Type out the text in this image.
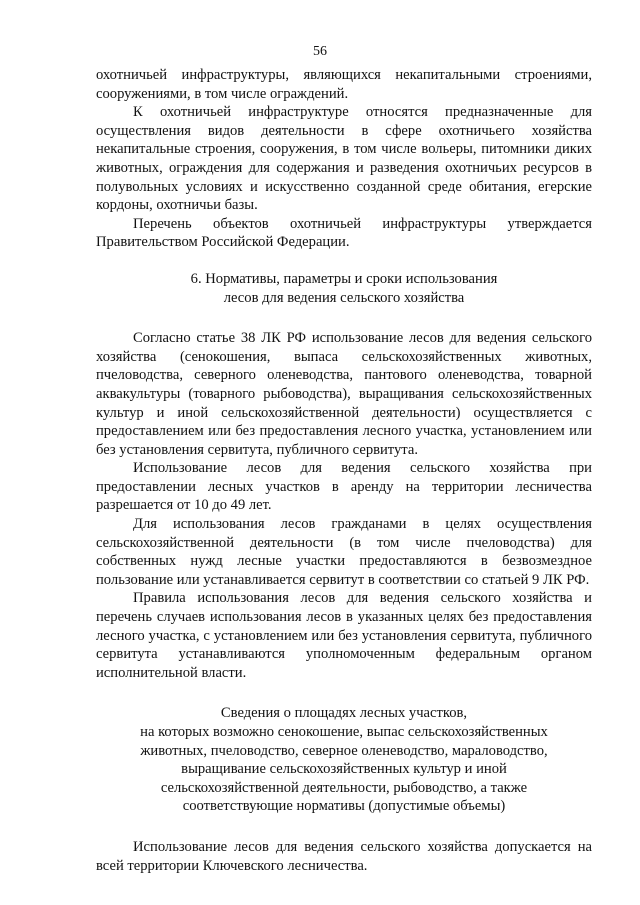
56

охотничьей инфраструктуры, являющихся некапитальными строениями, сооружениями, в том числе ограждений.

К охотничьей инфраструктуре относятся предназначенные для осуществления видов деятельности в сфере охотничьего хозяйства некапитальные строения, сооружения, в том числе вольеры, питомники диких животных, ограждения для содержания и разведения охотничьих ресурсов в полувольных условиях и искусственно созданной среде обитания, егерские кордоны, охотничьи базы.

Перечень объектов охотничьей инфраструктуры утверждается Правительством Российской Федерации.

6. Нормативы, параметры и сроки использования
лесов для ведения сельского хозяйства

Согласно статье 38 ЛК РФ использование лесов для ведения сельского хозяйства (сенокошения, выпаса сельскохозяйственных животных, пчеловодства, северного оленеводства, пантового оленеводства, товарной аквакультуры (товарного рыбоводства), выращивания сельскохозяйственных культур и иной сельскохозяйственной деятельности) осуществляется с предоставлением или без предоставления лесного участка, установлением или без установления сервитута, публичного сервитута.

Использование лесов для ведения сельского хозяйства при предоставлении лесных участков в аренду на территории лесничества разрешается от 10 до 49 лет.

Для использования лесов гражданами в целях осуществления сельскохозяйственной деятельности (в том числе пчеловодства) для собственных нужд лесные участки предоставляются в безвозмездное пользование или устанавливается сервитут в соответствии со статьей 9 ЛК РФ.

Правила использования лесов для ведения сельского хозяйства и перечень случаев использования лесов в указанных целях без предоставления лесного участка, с установлением или без установления сервитута, публичного сервитута устанавливаются уполномоченным федеральным органом исполнительной власти.

Сведения о площадях лесных участков,
на которых возможно сенокошение, выпас сельскохозяйственных
животных, пчеловодство, северное оленеводство, мараловодство,
выращивание сельскохозяйственных культур и иной
сельскохозяйственной деятельности, рыбоводство, а также
соответствующие нормативы (допустимые объемы)

Использование лесов для ведения сельского хозяйства допускается на всей территории Ключевского лесничества.
